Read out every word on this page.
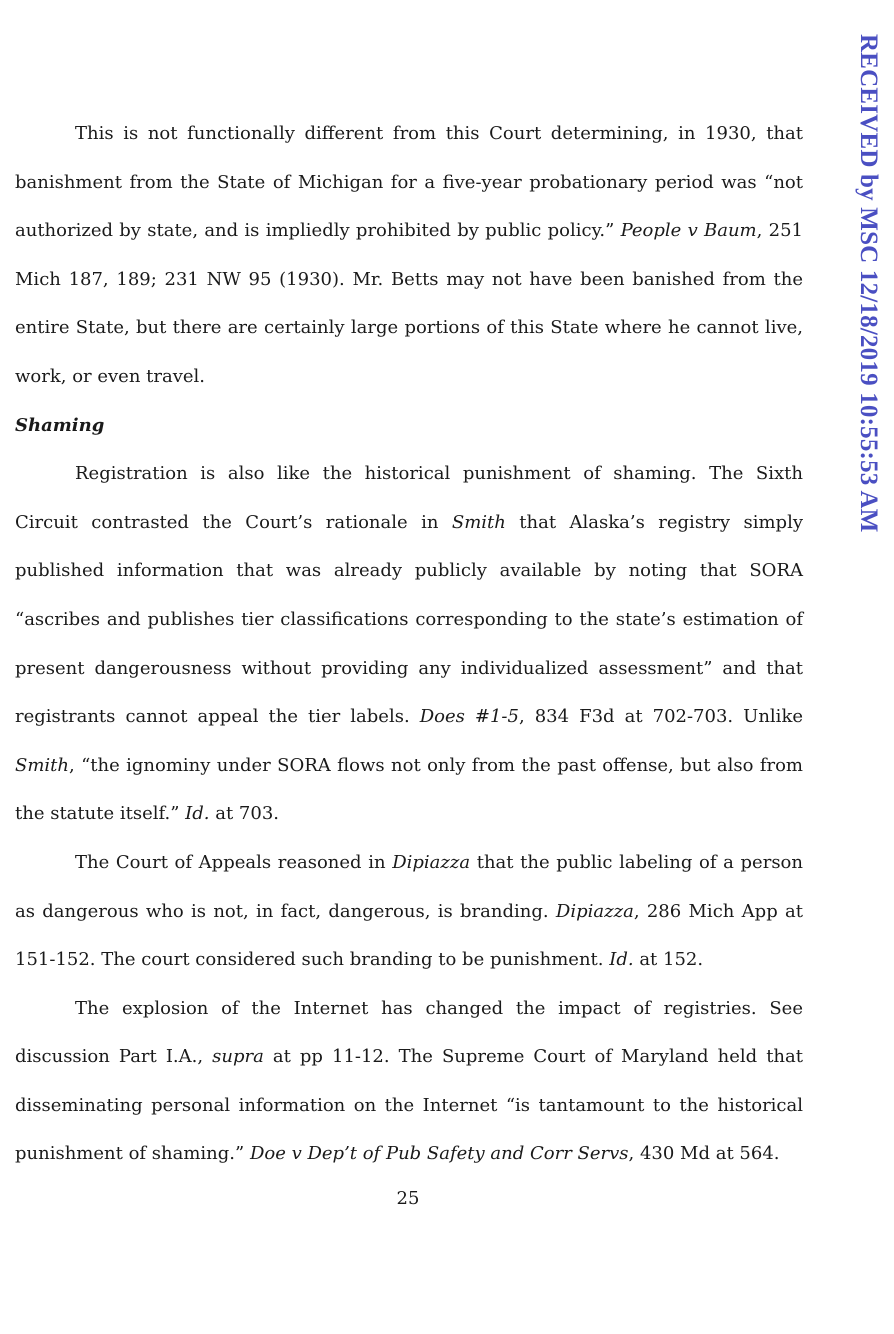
RECEIVED by MSC 12/18/2019 10:55:53 AM

This is not functionally different from this Court determining, in 1930, that banishment from the State of Michigan for a five-year probationary period was “not authorized by state, and is impliedly prohibited by public policy.” People v Baum, 251 Mich 187, 189; 231 NW 95 (1930). Mr. Betts may not have been banished from the entire State, but there are certainly large portions of this State where he cannot live, work, or even travel.

Shaming

Registration is also like the historical punishment of shaming. The Sixth Circuit contrasted the Court’s rationale in Smith that Alaska’s registry simply published information that was already publicly available by noting that SORA “ascribes and publishes tier classifications corresponding to the state’s estimation of present dangerousness without providing any individualized assessment” and that registrants cannot appeal the tier labels. Does #1-5, 834 F3d at 702-703. Unlike Smith, “the ignominy under SORA flows not only from the past offense, but also from the statute itself.” Id. at 703.

The Court of Appeals reasoned in Dipiazza that the public labeling of a person as dangerous who is not, in fact, dangerous, is branding. Dipiazza, 286 Mich App at 151-152. The court considered such branding to be punishment. Id. at 152.

The explosion of the Internet has changed the impact of registries. See discussion Part I.A., supra at pp 11-12. The Supreme Court of Maryland held that disseminating personal information on the Internet “is tantamount to the historical punishment of shaming.” Doe v Dep’t of Pub Safety and Corr Servs, 430 Md at 564.

25
